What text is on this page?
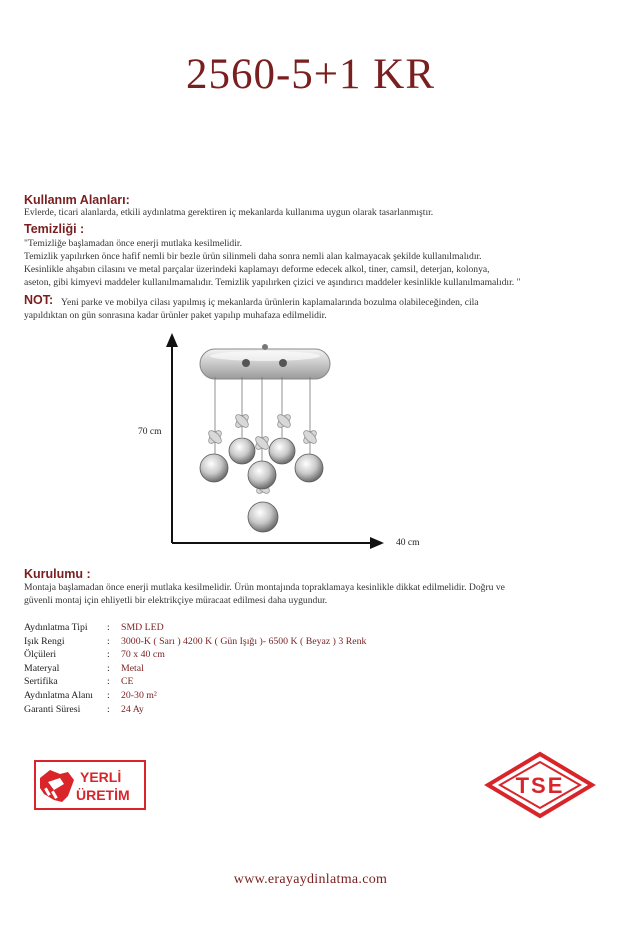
2560-5+1 KR
Kullanım Alanları:
Evlerde, ticari alanlarda, etkili aydınlatma gerektiren iç mekanlarda kullanıma uygun olarak tasarlanmıştır.
Temizliği :
"Temizliğe başlamadan önce enerji mutlaka kesilmelidir.
Temizlik yapılırken önce hafif nemli bir bezle ürün silinmeli daha sonra nemli alan kalmayacak şekilde kullanılmalıdır.
Kesinlikle ahşabın cilasını ve metal parçalar üzerindeki kaplamayı deforme edecek alkol, tiner, camsil, deterjan, kolonya,
aseton, gibi kimyevi maddeler kullanılmamalıdır. Temizlik yapılırken çizici ve aşındırıcı maddeler kesinlikle kullanılmamalıdır. "
NOT: Yeni parke ve mobilya cilası yapılmış iç mekanlarda ürünlerin kaplamalarında bozulma olabileceğinden, cila
yapıldıktan on gün sonrasına kadar ürünler paket yapılıp muhafaza edilmelidir.
70 cm
40 cm
Kurulumu :
Montaja başlamadan önce enerji mutlaka kesilmelidir. Ürün montajında topraklamaya kesinlikle dikkat edilmelidir. Doğru ve
güvenli montaj için ehliyetli bir elektrikçiye müracaat edilmesi daha uygundur.
Aydınlatma Tipi	:	SMD LED
Işık Rengi	:	3000-K ( Sarı ) 4200 K ( Gün Işığı )- 6500 K ( Beyaz ) 3 Renk
Ölçüleri	:	70 x 40 cm
Materyal	:	Metal
Sertifika	:	CE
Aydınlatma Alanı	:	20-30 m²
Garanti Süresi	:	24 Ay
YERLİ
ÜRETİM	TSE
www.erayaydinlatma.com
